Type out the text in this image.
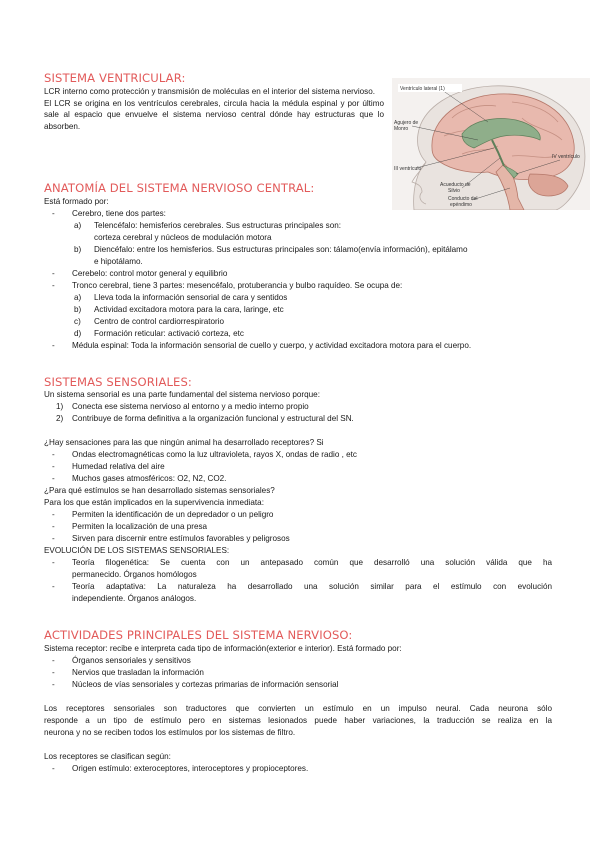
SISTEMA VENTRICULAR:

LCR interno como protección y transmisión de moléculas en el interior del sistema nervioso.

El LCR se origina en los ventrículos cerebrales, circula hacia la médula espinal y por último sale al espacio que envuelve el sistema nervioso central dónde hay estructuras que lo absorben.

Ventrículo lateral (1)
Agujero de
Monro
III ventrículo
IV ventrículo
Acueducto de
Silvio
Conducto del
epéndimo
ANATOMÍA DEL SISTEMA NERVIOSO CENTRAL:
Está formado por:
- Cerebro, tiene dos partes:
a) Telencéfalo: hemisferios cerebrales. Sus estructuras principales son:
corteza cerebral y núcleos de modulación motora
b) Diencéfalo: entre los hemisferios. Sus estructuras principales son: tálamo(envía información), epitálamo
e hipotálamo.
- Cerebelo: control motor general y equilibrio
- Tronco cerebral, tiene 3 partes: mesencéfalo, protuberancia y bulbo raquídeo. Se ocupa de:
a) Lleva toda la información sensorial de cara y sentidos
b) Actividad excitadora motora para la cara, laringe, etc
c) Centro de control cardiorrespiratorio
d) Formación reticular: activació corteza, etc
- Médula espinal: Toda la información sensorial de cuello y cuerpo, y actividad excitadora motora para el cuerpo.
SISTEMAS SENSORIALES:
Un sistema sensorial es una parte fundamental del sistema nervioso porque:
1) Conecta ese sistema nervioso al entorno y a medio interno propio
2) Contribuye de forma definitiva a la organización funcional y estructural del SN.
¿Hay sensaciones para las que ningún animal ha desarrollado receptores? Si
- Ondas electromagnéticas como la luz ultravioleta, rayos X, ondas de radio , etc
- Humedad relativa del aire
- Muchos gases atmosféricos: O2, N2, CO2.
¿Para qué estímulos se han desarrollado sistemas sensoriales?
Para los que están implicados en la supervivencia inmediata:
- Permiten la identificación de un depredador o un peligro
- Permiten la localización de una presa
- Sirven para discernir entre estímulos favorables y peligrosos
EVOLUCIÓN DE LOS SISTEMAS SENSORIALES:
- Teoría filogenética: Se cuenta con un antepasado común que desarrolló una solución válida que ha
permanecido. Órganos homólogos
- Teoría adaptativa: La naturaleza ha desarrollado una solución similar para el estímulo con evolución
independiente. Órganos análogos.
ACTIVIDADES PRINCIPALES DEL SISTEMA NERVIOSO:
Sistema receptor: recibe e interpreta cada tipo de información(exterior e interior). Está formado por:
- Órganos sensoriales y sensitivos
- Nervios que trasladan la información
- Núcleos de vías sensoriales y cortezas primarias de información sensorial
Los receptores sensoriales son traductores que convierten un estímulo en un impulso neural. Cada neurona sólo
responde a un tipo de estímulo pero en sistemas lesionados puede haber variaciones, la traducción se realiza en la
neurona y no se reciben todos los estímulos por los sistemas de filtro.
Los receptores se clasifican según:
- Origen estímulo: exteroceptores, interoceptores y propioceptores.
